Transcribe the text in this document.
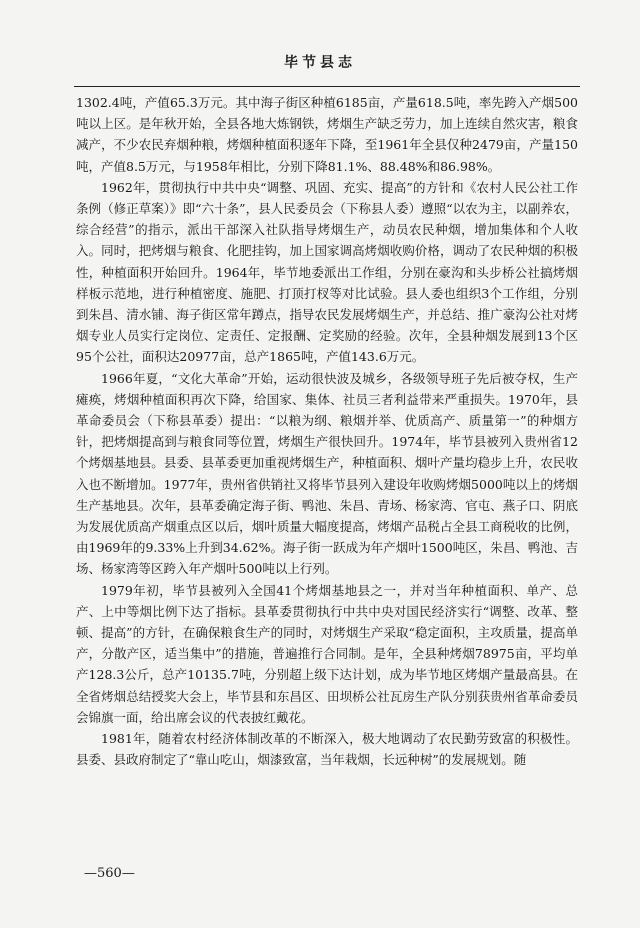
毕节县志

1302.4吨，产值65.3万元。其中海子街区种植6185亩，产量618.5吨，率先跨入产烟500吨以上区。是年秋开始，全县各地大炼钢铁，烤烟生产缺乏劳力，加上连续自然灾害，粮食减产，不少农民弃烟种粮，烤烟种植面积逐年下降，至1961年全县仅种2479亩，产量150吨，产值8.5万元，与1958年相比，分别下降81.1%、88.48%和86.98%。

1962年，贯彻执行中共中央“调整、巩固、充实、提高”的方针和《农村人民公社工作条例（修正草案）》即“六十条”，县人民委员会（下称县人委）遵照“以农为主，以副养农，综合经营”的指示，派出干部深入社队指导烤烟生产，动员农民种烟，增加集体和个人收入。同时，把烤烟与粮食、化肥挂钩，加上国家调高烤烟收购价格，调动了农民种烟的积极性，种植面积开始回升。1964年，毕节地委派出工作组，分别在豪沟和头步桥公社搞烤烟样板示范地，进行种植密度、施肥、打顶打杈等对比试验。县人委也组织3个工作组，分别到朱昌、清水铺、海子街区常年蹲点，指导农民发展烤烟生产，并总结、推广豪沟公社对烤烟专业人员实行定岗位、定责任、定报酬、定奖励的经验。次年，全县种烟发展到13个区95个公社，面积达20977亩，总产1865吨，产值143.6万元。

1966年夏，“文化大革命”开始，运动很快波及城乡，各级领导班子先后被夺权，生产瘫痪，烤烟种植面积再次下降，给国家、集体、社员三者利益带来严重损失。1970年，县革命委员会（下称县革委）提出：“以粮为纲、粮烟并举、优质高产、质量第一”的种烟方针，把烤烟提高到与粮食同等位置，烤烟生产很快回升。1974年，毕节县被列入贵州省12个烤烟基地县。县委、县革委更加重视烤烟生产，种植面积、烟叶产量均稳步上升，农民收入也不断增加。1977年，贵州省供销社又将毕节县列入建设年收购烤烟5000吨以上的烤烟生产基地县。次年，县革委确定海子街、鸭池、朱昌、青场、杨家湾、官屯、燕子口、阴底为发展优质高产烟重点区以后，烟叶质量大幅度提高，烤烟产品税占全县工商税收的比例，由1969年的9.33%上升到34.62%。海子街一跃成为年产烟叶1500吨区，朱昌、鸭池、吉场、杨家湾等区跨入年产烟叶500吨以上行列。

1979年初，毕节县被列入全国41个烤烟基地县之一，并对当年种植面积、单产、总产、上中等烟比例下达了指标。县革委贯彻执行中共中央对国民经济实行“调整、改革、整顿、提高”的方针，在确保粮食生产的同时，对烤烟生产采取“稳定面积，主攻质量，提高单产，分散产区，适当集中”的措施，普遍推行合同制。是年，全县种烤烟78975亩，平均单产128.3公斤，总产10135.7吨，分别超上级下达计划，成为毕节地区烤烟产量最高县。在全省烤烟总结授奖大会上，毕节县和东昌区、田坝桥公社瓦房生产队分别获贵州省革命委员会锦旗一面，给出席会议的代表披红戴花。

1981年，随着农村经济体制改革的不断深入，极大地调动了农民勤劳致富的积极性。县委、县政府制定了“靠山吃山，烟漆致富，当年栽烟，长远种树”的发展规划。随

—560—
